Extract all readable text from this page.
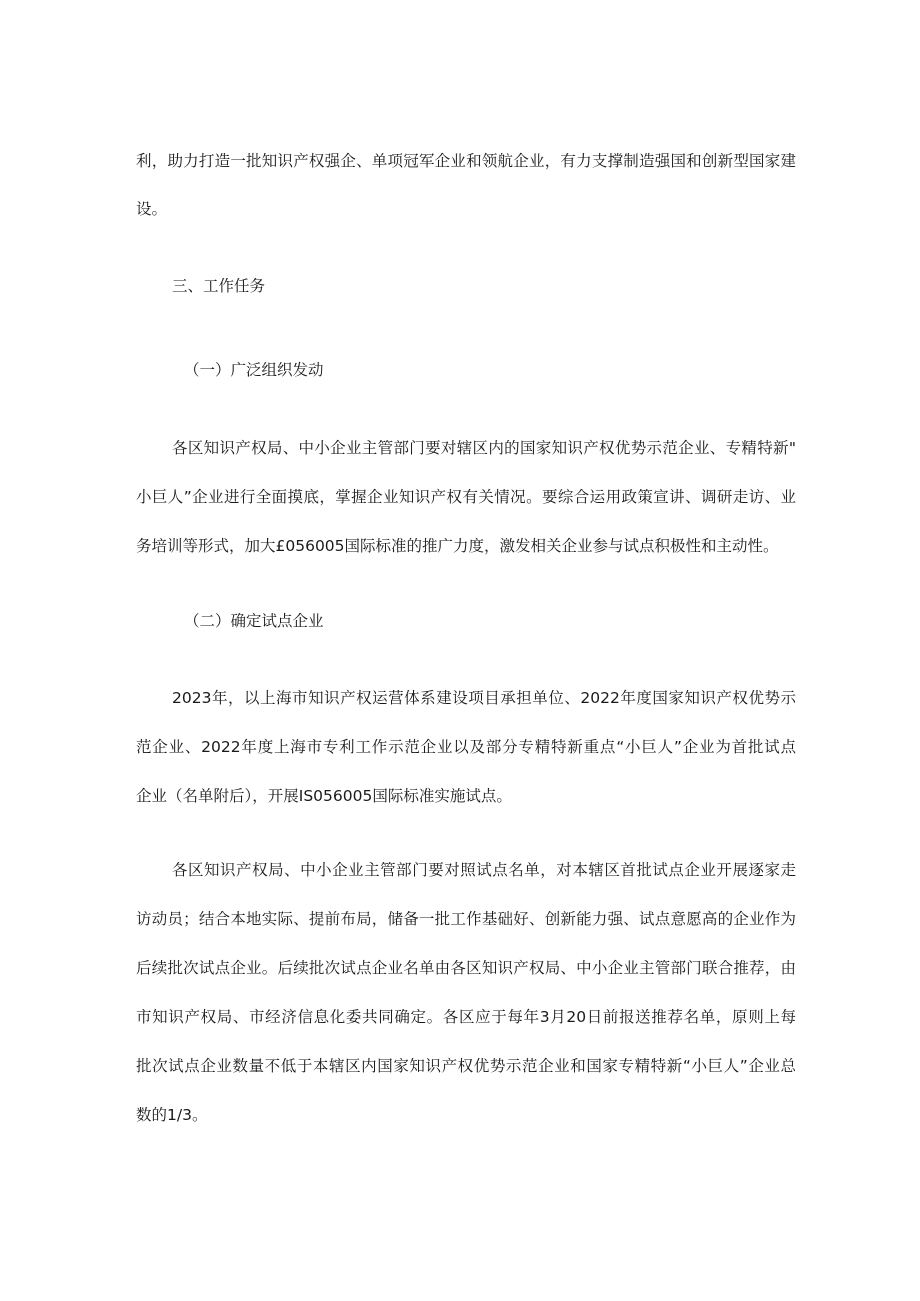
利，助力打造一批知识产权强企、单项冠军企业和领航企业，有力支撑制造强国和创新型国家建
设。
三、工作任务
（一）广泛组织发动
各区知识产权局、中小企业主管部门要对辖区内的国家知识产权优势示范企业、专精特新"
小巨人”企业进行全面摸底，掌握企业知识产权有关情况。要综合运用政策宣讲、调研走访、业
务培训等形式，加大£056005国际标准的推广力度，激发相关企业参与试点积极性和主动性。
（二）确定试点企业
2023年，以上海市知识产权运营体系建设项目承担单位、2022年度国家知识产权优势示
范企业、2022年度上海市专利工作示范企业以及部分专精特新重点“小巨人”企业为首批试点
企业（名单附后），开展IS056005国际标准实施试点。
各区知识产权局、中小企业主管部门要对照试点名单，对本辖区首批试点企业开展逐家走
访动员；结合本地实际、提前布局，储备一批工作基础好、创新能力强、试点意愿高的企业作为
后续批次试点企业。后续批次试点企业名单由各区知识产权局、中小企业主管部门联合推荐，由
市知识产权局、市经济信息化委共同确定。各区应于每年3月20日前报送推荐名单，原则上每
批次试点企业数量不低于本辖区内国家知识产权优势示范企业和国家专精特新“小巨人”企业总
数的1/3。
